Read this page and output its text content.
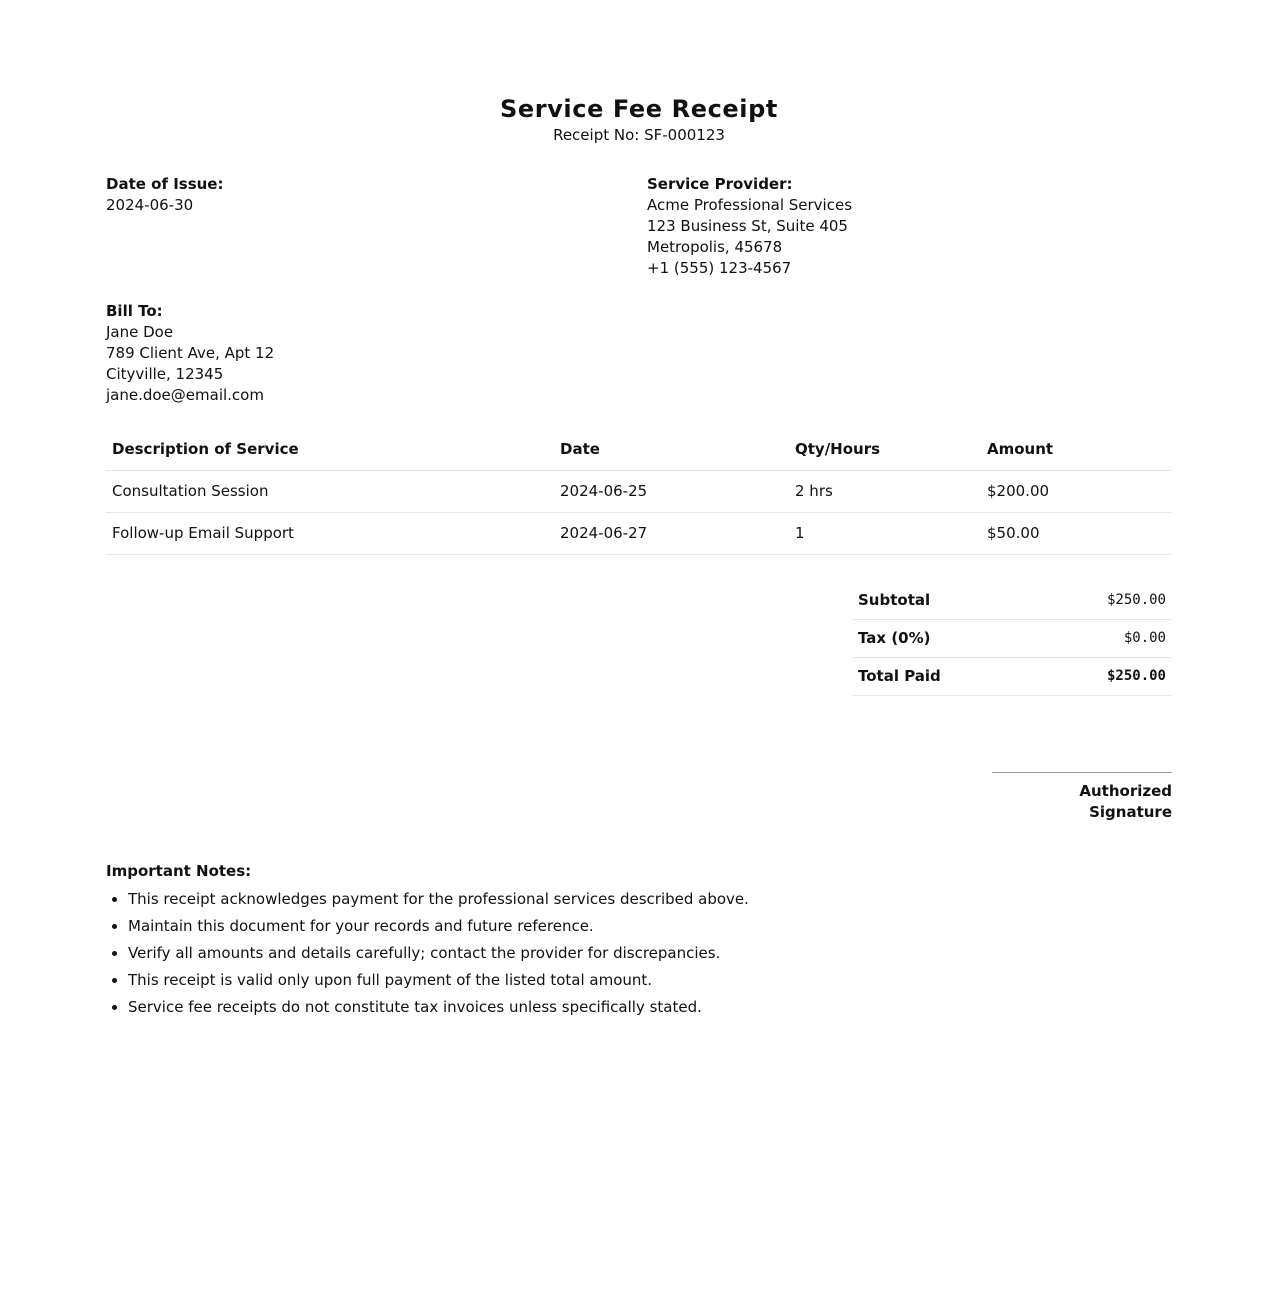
Service Fee Receipt
Receipt No: SF-000123
Date of Issue:
2024-06-30
Service Provider:
Acme Professional Services
123 Business St, Suite 405
Metropolis, 45678
+1 (555) 123-4567
Bill To:
Jane Doe
789 Client Ave, Apt 12
Cityville, 12345
jane.doe@email.com
Description of Service	Date	Qty/Hours	Amount
Consultation Session	2024-06-25	2 hrs	$200.00
Follow-up Email Support	2024-06-27	1	$50.00
Subtotal	$250.00
Tax (0%)	$0.00
Total Paid	$250.00
Authorized Signature
Important Notes:
• This receipt acknowledges payment for the professional services described above.
• Maintain this document for your records and future reference.
• Verify all amounts and details carefully; contact the provider for discrepancies.
• This receipt is valid only upon full payment of the listed total amount.
• Service fee receipts do not constitute tax invoices unless specifically stated.
